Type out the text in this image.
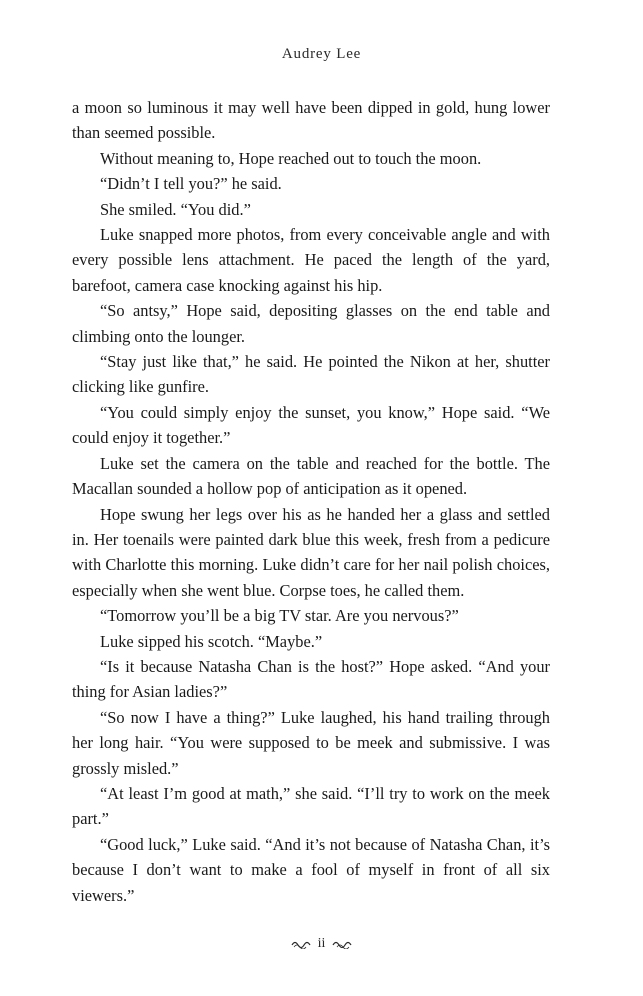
Audrey Lee

a moon so luminous it may well have been dipped in gold, hung lower than seemed possible.

Without meaning to, Hope reached out to touch the moon.

“Didn’t I tell you?” he said.

She smiled. “You did.”

Luke snapped more photos, from every conceivable angle and with every possible lens attachment. He paced the length of the yard, barefoot, camera case knocking against his hip.

“So antsy,” Hope said, depositing glasses on the end table and climbing onto the lounger.

“Stay just like that,” he said. He pointed the Nikon at her, shutter clicking like gunfire.

“You could simply enjoy the sunset, you know,” Hope said. “We could enjoy it together.”

Luke set the camera on the table and reached for the bottle. The Macallan sounded a hollow pop of anticipation as it opened.

Hope swung her legs over his as he handed her a glass and settled in. Her toenails were painted dark blue this week, fresh from a pedicure with Charlotte this morning. Luke didn’t care for her nail polish choices, especially when she went blue. Corpse toes, he called them.

“Tomorrow you’ll be a big TV star. Are you nervous?”

Luke sipped his scotch. “Maybe.”

“Is it because Natasha Chan is the host?” Hope asked. “And your thing for Asian ladies?”

“So now I have a thing?” Luke laughed, his hand trailing through her long hair. “You were supposed to be meek and submissive. I was grossly misled.”

“At least I’m good at math,” she said. “I’ll try to work on the meek part.”

“Good luck,” Luke said. “And it’s not because of Natasha Chan, it’s because I don’t want to make a fool of myself in front of all six viewers.”

ii
